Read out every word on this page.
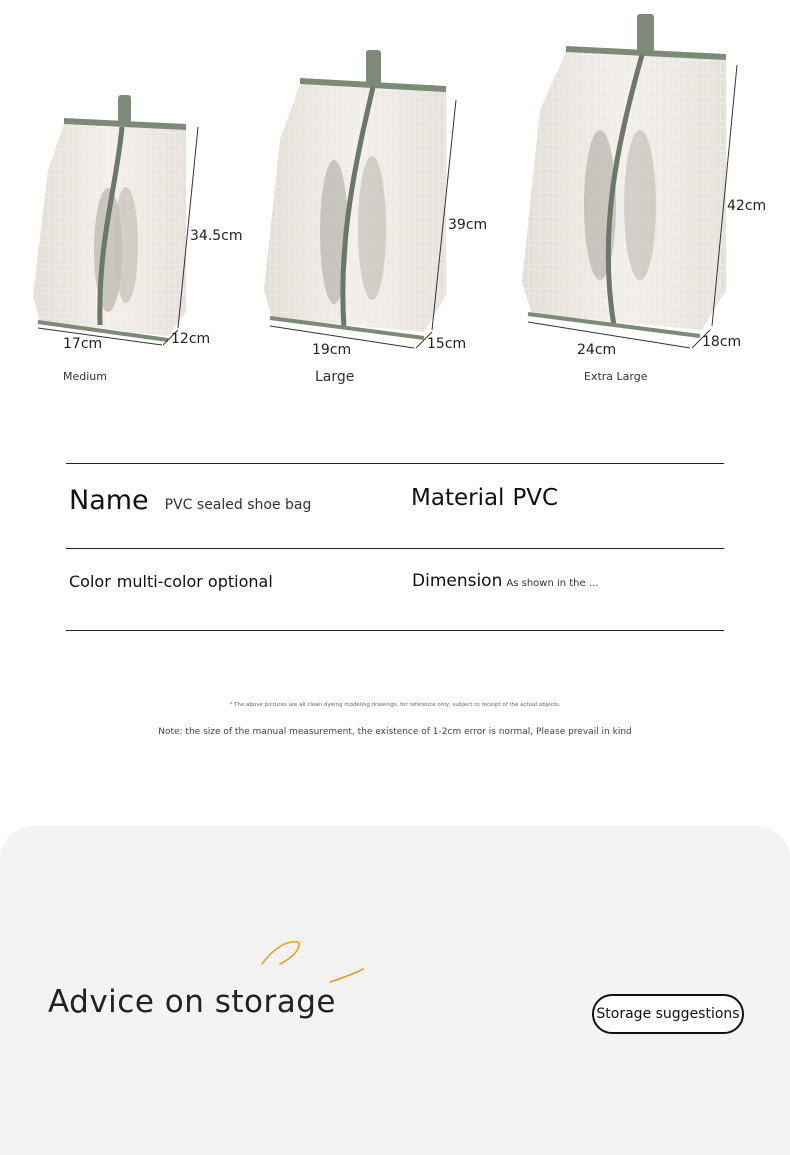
34.5cm
17cm	12cm
Medium
39cm
19cm	15cm
Large
42cm
24cm	18cm
Extra Large
Name PVC sealed shoe bag	Material PVC
Color multi-color optional	Dimension As shown in the ...
* The above pictures are all clean dyeing modeling drawings, for reference only, subject to receipt of the actual objects.
Note: the size of the manual measurement, the existence of 1-2cm error is normal, Please prevail in kind
Advice on storage	Storage suggestions
